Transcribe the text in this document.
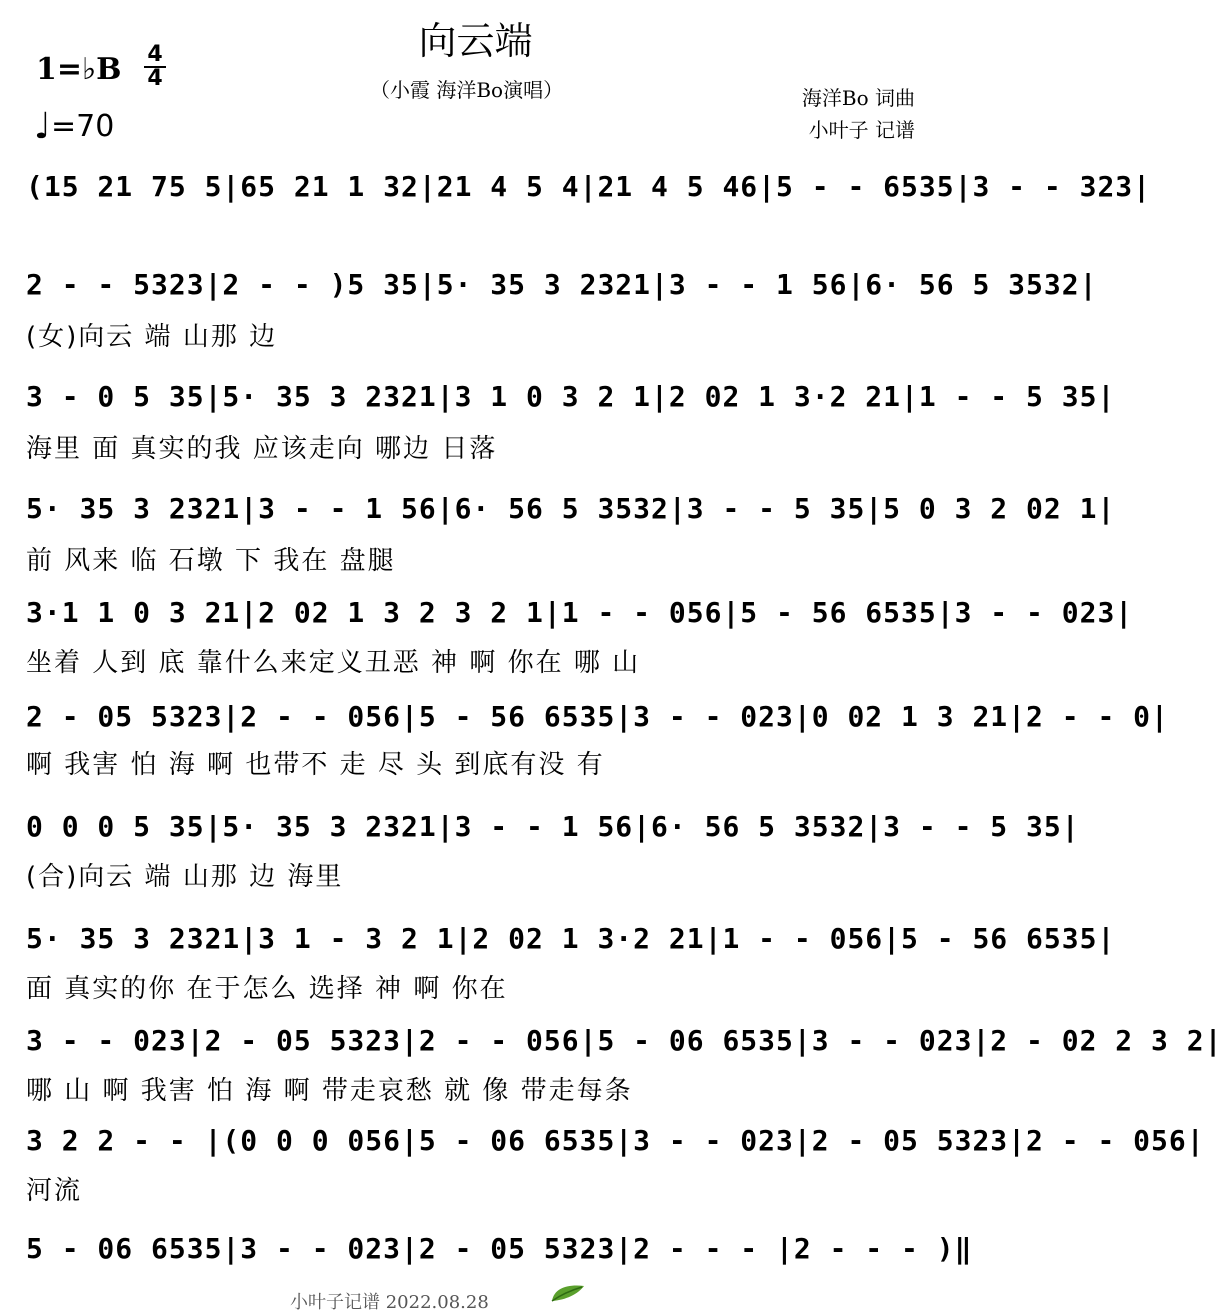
向云端
1=♭B $\frac{4}{4}$
♩=70
（小霞 海洋Bo演唱）	海洋Bo 词曲
小叶子 记谱
(15 21 75 5|65 21 1 32|21 4 5 4|21 4 5 46|5 - - 6535|3 - - 323|
2 - - 5323|2 - - )5 35|5· 35 3 2321|3 - - 1 56|6· 56 5 3532|
(女)向云 端 山那 边
3 - 0 5 35|5· 35 3 2321|3 1 0 3 2 1|2 02 1 3·2 21|1 - - 5 35|
海里 面 真实的我 应该走向 哪边 日落
5· 35 3 2321|3 - - 1 56|6· 56 5 3532|3 - - 5 35|5 0 3 2 02 1|
前 风来 临 石墩 下 我在 盘腿
3·1 1 0 3 21|2 02 1 3 2 3 2 1|1 - - 056|5 - 56 6535|3 - - 023|
坐着 人到 底 靠什么来定义丑恶 神 啊 你在 哪 山
2 - 05 5323|2 - - 056|5 - 56 6535|3 - - 023|0 02 1 3 21|2 - - 0|
啊 我害 怕 海 啊 也带不 走 尽 头 到底有没 有
0 0 0 5 35|5· 35 3 2321|3 - - 1 56|6· 56 5 3532|3 - - 5 35|
(合)向云 端 山那 边 海里
5· 35 3 2321|3 1 - 3 2 1|2 02 1 3·2 21|1 - - 056|5 - 56 6535|
面 真实的你 在于怎么 选择 神 啊 你在
3 - - 023|2 - 05 5323|2 - - 056|5 - 06 6535|3 - - 023|2 - 02 2 3 2|
哪 山 啊 我害 怕 海 啊 带走哀愁 就 像 带走每条
3 2 2 - - |(0 0 0 056|5 - 06 6535|3 - - 023|2 - 05 5323|2 - - 056|
河流
5 - 06 6535|3 - - 023|2 - 05 5323|2 - - - |2 - - - )‖
小叶子记谱 2022.08.28
